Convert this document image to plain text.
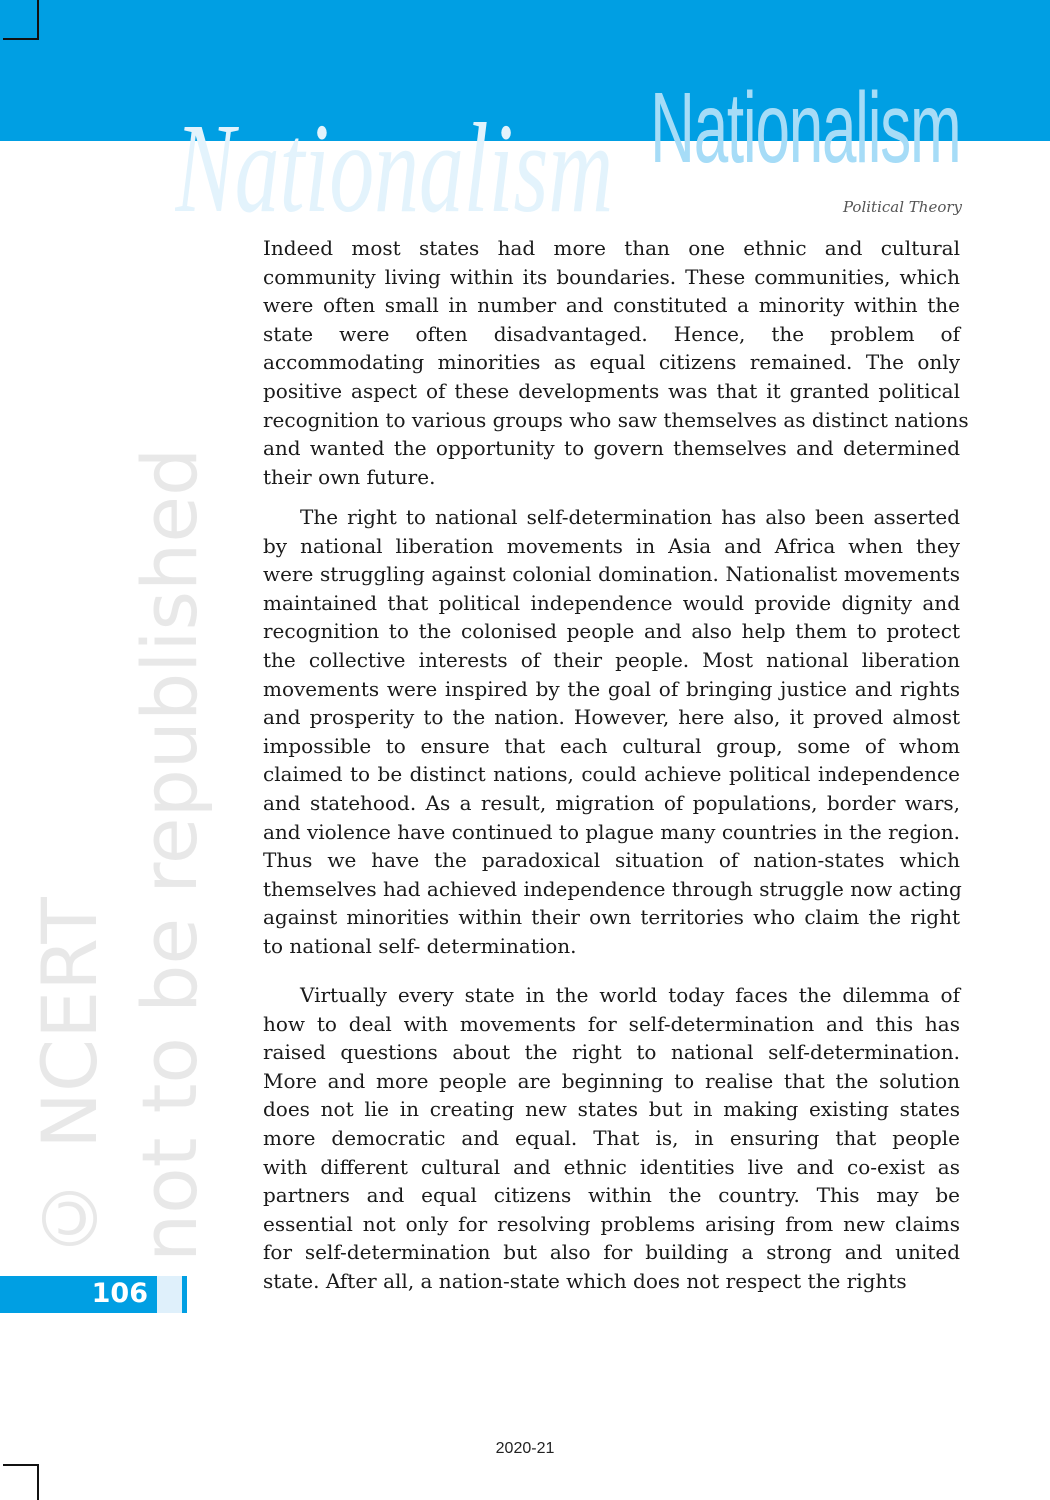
Nationalism
© NCERT not to be republished
Nationalism
Political Theory
Indeed most states had more than one ethnic and cultural
community living within its boundaries. These communities, which
were often small in number and constituted a minority within the
state were often disadvantaged. Hence, the problem of
accommodating minorities as equal citizens remained. The only
positive aspect of these developments was that it granted political
recognition to various groups who saw themselves as distinct nations
and wanted the opportunity to govern themselves and determined
their own future.
The right to national self-determination has also been asserted
by national liberation movements in Asia and Africa when they
were struggling against colonial domination. Nationalist movements
maintained that political independence would provide dignity and
recognition to the colonised people and also help them to protect
the collective interests of their people. Most national liberation
movements were inspired by the goal of bringing justice and rights
and prosperity to the nation. However, here also, it proved almost
impossible to ensure that each cultural group, some of whom
claimed to be distinct nations, could achieve political independence
and statehood. As a result, migration of populations, border wars,
and violence have continued to plague many countries in the region.
Thus we have the paradoxical situation of nation-states which
themselves had achieved independence through struggle now acting
against minorities within their own territories who claim the right
to national self- determination.
Virtually every state in the world today faces the dilemma of
how to deal with movements for self-determination and this has
raised questions about the right to national self-determination.
More and more people are beginning to realise that the solution
does not lie in creating new states but in making existing states
more democratic and equal. That is, in ensuring that people
with different cultural and ethnic identities live and co-exist as
partners and equal citizens within the country. This may be
essential not only for resolving problems arising from new claims
for self-determination but also for building a strong and united
state. After all, a nation-state which does not respect the rights
106
2020-21
